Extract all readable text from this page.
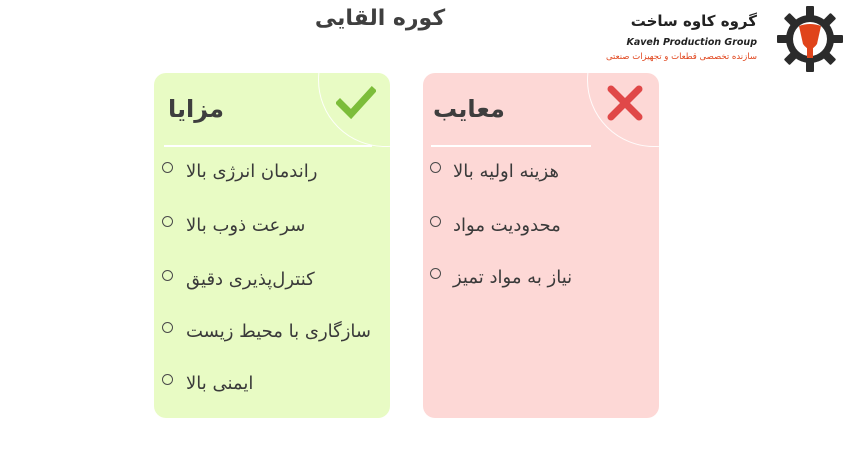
کوره القایی	گروه کاوه ساخت
Kaveh Production Group
سازنده تخصصی قطعات و تجهیزات صنعتی
مزایا
راندمان انرژی بالا
سرعت ذوب بالا
کنترل‌پذیری دقیق
سازگاری با محیط زیست
ایمنی بالا
معایب
هزینه اولیه بالا
محدودیت مواد
نیاز به مواد تمیز
